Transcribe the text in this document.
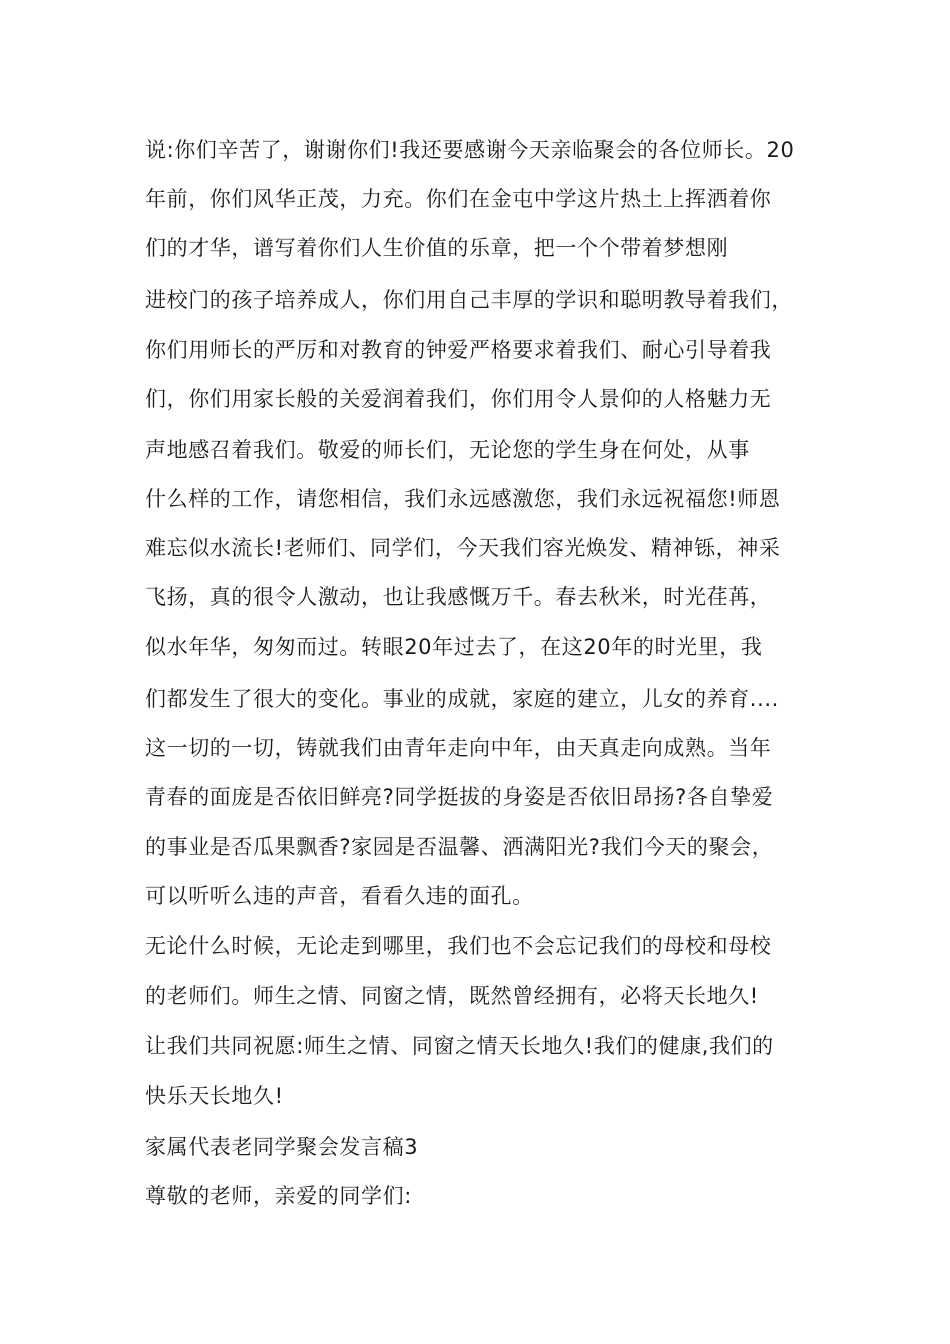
说:你们辛苦了，谢谢你们!我还要感谢今天亲临聚会的各位师长。20
年前，你们风华正茂，力充。你们在金屯中学这片热土上挥洒着你
们的才华，谱写着你们人生价值的乐章，把一个个带着梦想刚
进校门的孩子培养成人，你们用自己丰厚的学识和聪明教导着我们，
你们用师长的严厉和对教育的钟爱严格要求着我们、耐心引导着我
们，你们用家长般的关爱润着我们，你们用令人景仰的人格魅力无
声地感召着我们。敬爱的师长们，无论您的学生身在何处，从事
什么样的工作，请您相信，我们永远感激您，我们永远祝福您!师恩
难忘似水流长!老师们、同学们，今天我们容光焕发、精神铄，神采
飞扬，真的很令人激动，也让我感慨万千。春去秋米，时光荏苒，
似水年华，匆匆而过。转眼20年过去了，在这20年的时光里，我
们都发生了很大的变化。事业的成就，家庭的建立，儿女的养育....
这一切的一切，铸就我们由青年走向中年，由天真走向成熟。当年
青春的面庞是否依旧鲜亮?同学挺拔的身姿是否依旧昂扬?各自挚爱
的事业是否瓜果飘香?家园是否温馨、洒满阳光?我们今天的聚会，
可以听听么违的声音，看看久违的面孔。
无论什么时候，无论走到哪里，我们也不会忘记我们的母校和母校
的老师们。师生之情、同窗之情，既然曾经拥有，必将天长地久!
让我们共同祝愿:师生之情、同窗之情天长地久!我们的健康,我们的
快乐天长地久!
家属代表老同学聚会发言稿3
尊敬的老师，亲爱的同学们:
